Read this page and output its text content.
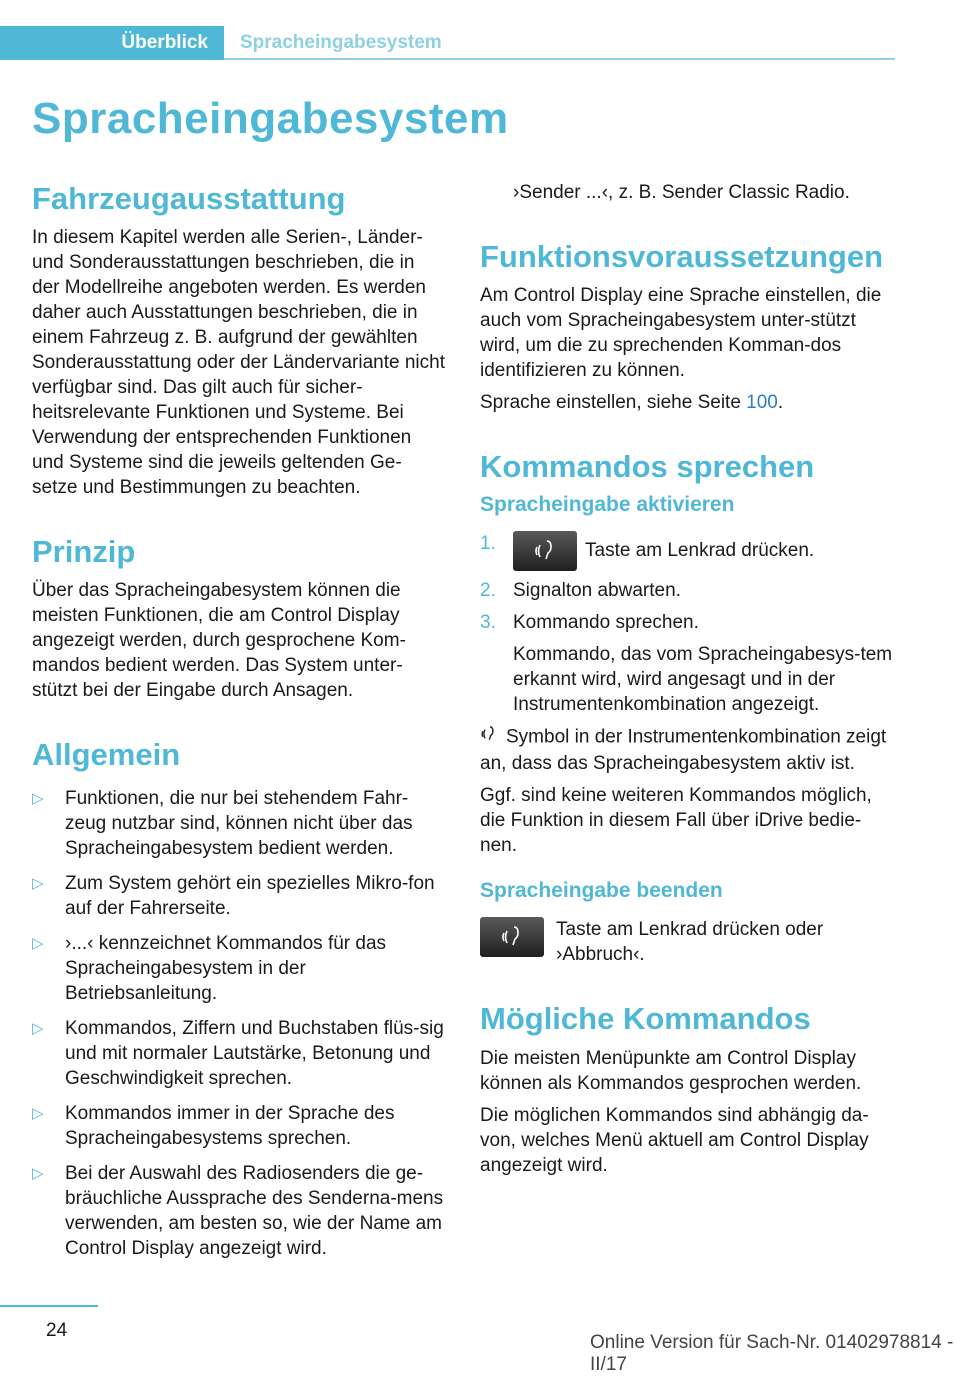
Überblick Spracheingabesystem
Spracheingabesystem
Fahrzeugausstattung

In diesem Kapitel werden alle Serien-, Länder- und Sonderausstattungen beschrieben, die in der Modellreihe angeboten werden. Es werden daher auch Ausstattungen beschrieben, die in einem Fahrzeug z. B. aufgrund der gewählten Sonderausstattung oder der Ländervariante nicht verfügbar sind. Das gilt auch für sicher-heitsrelevante Funktionen und Systeme. Bei Verwendung der entsprechenden Funktionen und Systeme sind die jeweils geltenden Ge-setze und Bestimmungen zu beachten.

Prinzip

Über das Spracheingabesystem können die meisten Funktionen, die am Control Display angezeigt werden, durch gesprochene Kom-mandos bedient werden. Das System unter-stützt bei der Eingabe durch Ansagen.

Allgemein
▷ Funktionen, die nur bei stehendem Fahr-zeug nutzbar sind, können nicht über das Spracheingabesystem bedient werden.
▷ Zum System gehört ein spezielles Mikro-fon auf der Fahrerseite.
▷ ›...‹ kennzeichnet Kommandos für das Spracheingabesystem in der Betriebsanleitung.
▷ Kommandos, Ziffern und Buchstaben flüs-sig und mit normaler Lautstärke, Betonung und Geschwindigkeit sprechen.
▷ Kommandos immer in der Sprache des Spracheingabesystems sprechen.
▷ Bei der Auswahl des Radiosenders die ge-bräuchliche Aussprache des Senderna-mens verwenden, am besten so, wie der Name am Control Display angezeigt wird.

›Sender ...‹, z. B. Sender Classic Radio.

Funktionsvoraussetzungen

Am Control Display eine Sprache einstellen, die auch vom Spracheingabesystem unter-stützt wird, um die zu sprechenden Komman-dos identifizieren zu können.

Sprache einstellen, siehe Seite 100.

Kommandos sprechen
Spracheingabe aktivieren
1.	Taste am Lenkrad drücken.
2. Signalton abwarten.
3. Kommando sprechen.

Kommando, das vom Spracheingabesys-tem erkannt wird, wird angesagt und in der Instrumentenkombination angezeigt.

Symbol in der Instrumentenkombination zeigt an, dass das Spracheingabesystem aktiv ist.

Ggf. sind keine weiteren Kommandos möglich, die Funktion in diesem Fall über iDrive bedie-nen.

Spracheingabe beenden

Taste am Lenkrad drücken oder ›Abbruch‹.

Mögliche Kommandos

Die meisten Menüpunkte am Control Display können als Kommandos gesprochen werden.

Die möglichen Kommandos sind abhängig da-von, welches Menü aktuell am Control Display angezeigt wird.

24
Online Version für Sach-Nr. 01402978814 - II/17
